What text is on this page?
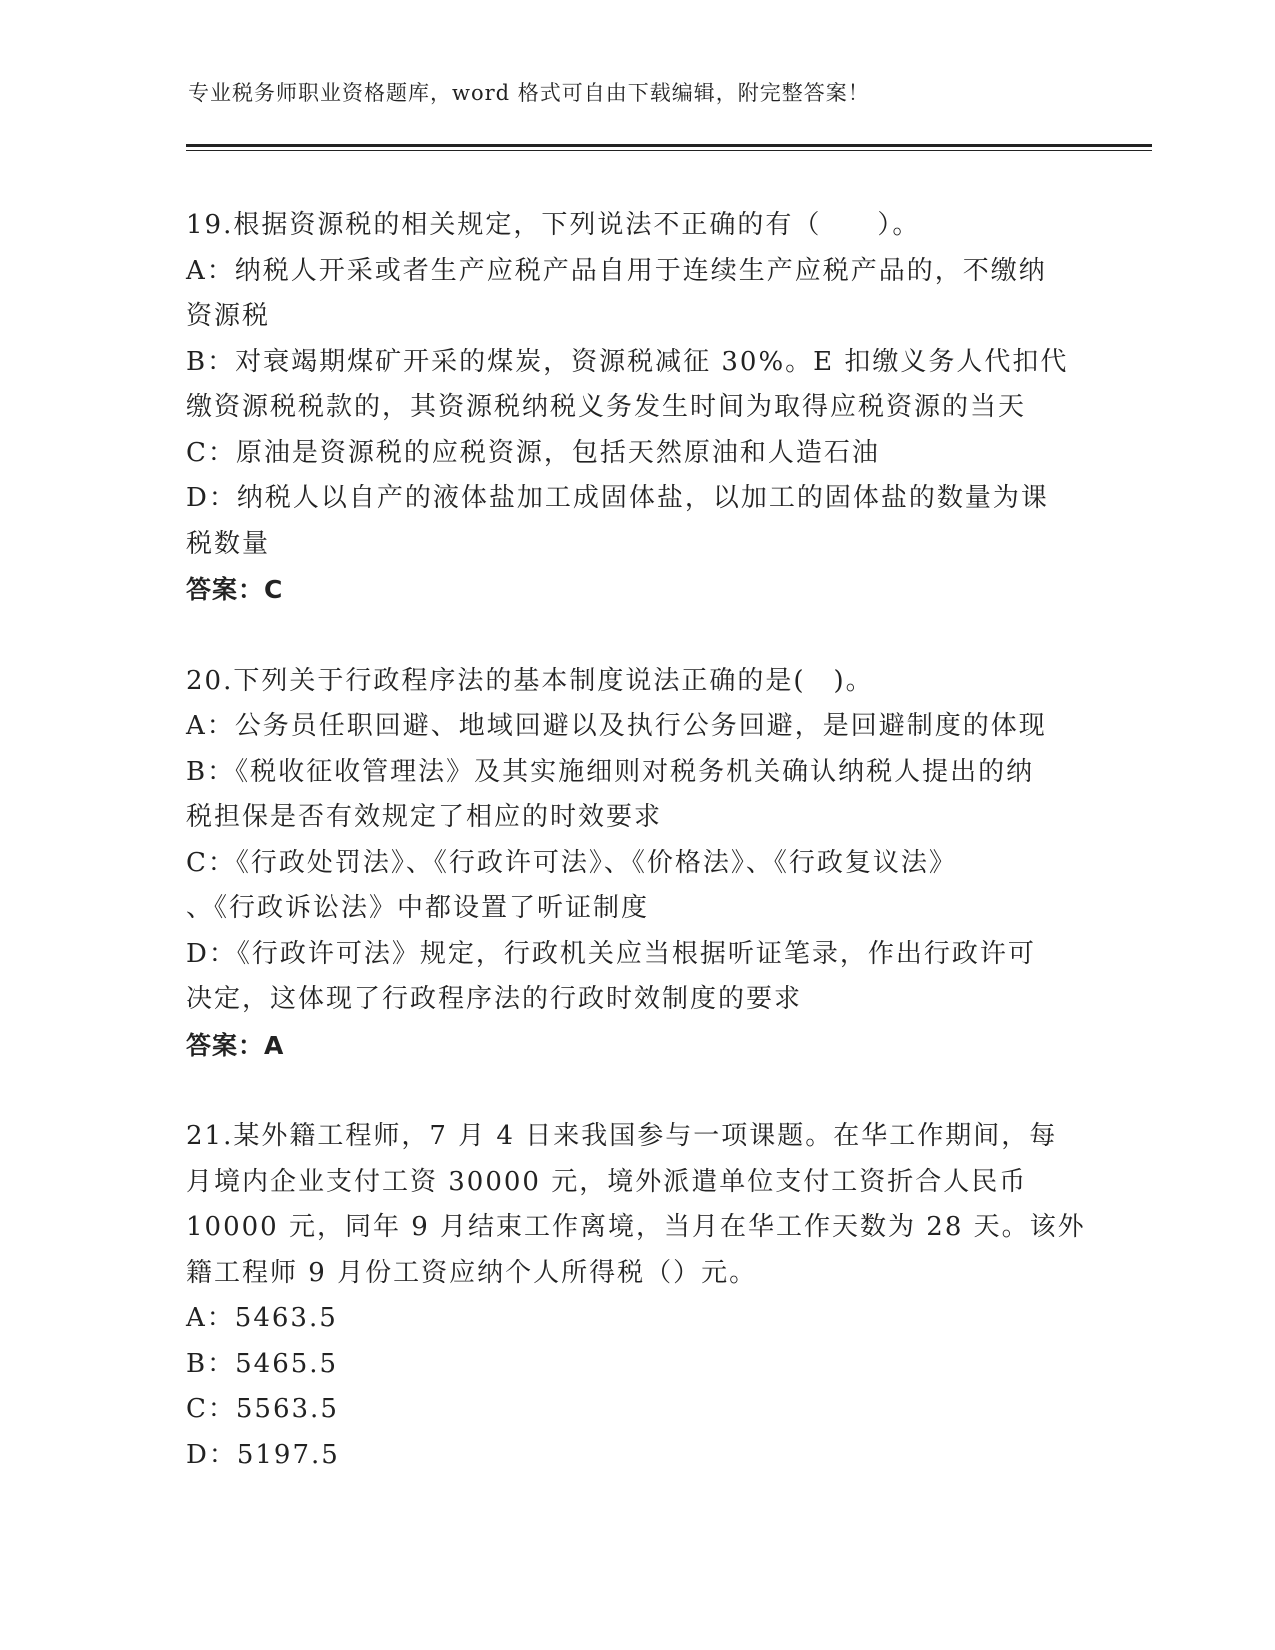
专业税务师职业资格题库，word 格式可自由下载编辑，附完整答案！
19.根据资源税的相关规定，下列说法不正确的有（　　）。
A：纳税人开采或者生产应税产品自用于连续生产应税产品的，不缴纳
资源税
B：对衰竭期煤矿开采的煤炭，资源税减征 30%。E 扣缴义务人代扣代
缴资源税税款的，其资源税纳税义务发生时间为取得应税资源的当天
C：原油是资源税的应税资源，包括天然原油和人造石油
D：纳税人以自产的液体盐加工成固体盐，以加工的固体盐的数量为课
税数量
答案：C
20.下列关于行政程序法的基本制度说法正确的是(　)。
A：公务员任职回避、地域回避以及执行公务回避，是回避制度的体现
B：《税收征收管理法》及其实施细则对税务机关确认纳税人提出的纳
税担保是否有效规定了相应的时效要求
C：《行政处罚法》、《行政许可法》、《价格法》、《行政复议法》
、《行政诉讼法》中都设置了听证制度
D：《行政许可法》规定，行政机关应当根据听证笔录，作出行政许可
决定，这体现了行政程序法的行政时效制度的要求
答案：A
21.某外籍工程师，7 月 4 日来我国参与一项课题。在华工作期间，每
月境内企业支付工资 30000 元，境外派遣单位支付工资折合人民币
10000 元，同年 9 月结束工作离境，当月在华工作天数为 28 天。该外
籍工程师 9 月份工资应纳个人所得税（）元。
A：5463.5
B：5465.5
C：5563.5
D：5197.5
